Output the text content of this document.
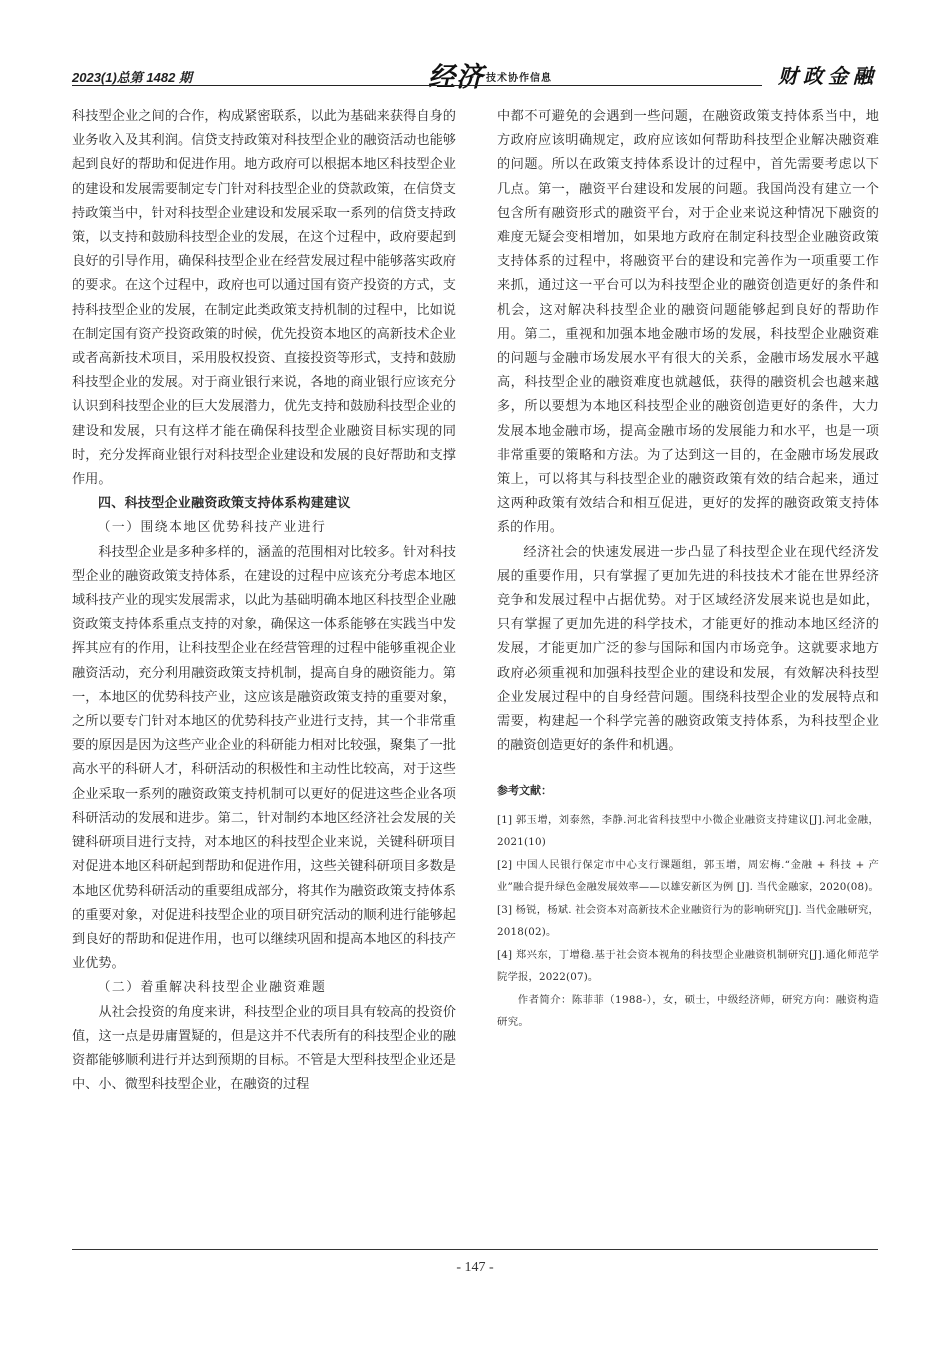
2023(1)总第 1482 期	经济 技术协作信息	财政金融

科技型企业之间的合作，构成紧密联系，以此为基础来获得自身的业务收入及其利润。信贷支持政策对科技型企业的融资活动也能够起到良好的帮助和促进作用。地方政府可以根据本地区科技型企业的建设和发展需要制定专门针对科技型企业的贷款政策，在信贷支持政策当中，针对科技型企业建设和发展采取一系列的信贷支持政策，以支持和鼓励科技型企业的发展，在这个过程中，政府要起到良好的引导作用，确保科技型企业在经营发展过程中能够落实政府的要求。在这个过程中，政府也可以通过国有资产投资的方式，支持科技型企业的发展，在制定此类政策支持机制的过程中，比如说在制定国有资产投资政策的时候，优先投资本地区的高新技术企业或者高新技术项目，采用股权投资、直接投资等形式，支持和鼓励科技型企业的发展。对于商业银行来说，各地的商业银行应该充分认识到科技型企业的巨大发展潜力，优先支持和鼓励科技型企业的建设和发展，只有这样才能在确保科技型企业融资目标实现的同时，充分发挥商业银行对科技型企业建设和发展的良好帮助和支撑作用。

四、科技型企业融资政策支持体系构建建议

（一）围绕本地区优势科技产业进行

科技型企业是多种多样的，涵盖的范围相对比较多。针对科技型企业的融资政策支持体系，在建设的过程中应该充分考虑本地区域科技产业的现实发展需求，以此为基础明确本地区科技型企业融资政策支持体系重点支持的对象，确保这一体系能够在实践当中发挥其应有的作用，让科技型企业在经营管理的过程中能够重视企业融资活动，充分利用融资政策支持机制，提高自身的融资能力。第一，本地区的优势科技产业，这应该是融资政策支持的重要对象，之所以要专门针对本地区的优势科技产业进行支持，其一个非常重要的原因是因为这些产业企业的科研能力相对比较强，聚集了一批高水平的科研人才，科研活动的积极性和主动性比较高，对于这些企业采取一系列的融资政策支持机制可以更好的促进这些企业各项科研活动的发展和进步。第二，针对制约本地区经济社会发展的关键科研项目进行支持，对本地区的科技型企业来说，关键科研项目对促进本地区科研起到帮助和促进作用，这些关键科研项目多数是本地区优势科研活动的重要组成部分，将其作为融资政策支持体系的重要对象，对促进科技型企业的项目研究活动的顺利进行能够起到良好的帮助和促进作用，也可以继续巩固和提高本地区的科技产业优势。

（二）着重解决科技型企业融资难题

从社会投资的角度来讲，科技型企业的项目具有较高的投资价值，这一点是毋庸置疑的，但是这并不代表所有的科技型企业的融资都能够顺利进行并达到预期的目标。不管是大型科技型企业还是中、小、微型科技型企业，在融资的过程

中都不可避免的会遇到一些问题，在融资政策支持体系当中，地方政府应该明确规定，政府应该如何帮助科技型企业解决融资难的问题。所以在政策支持体系设计的过程中，首先需要考虑以下几点。第一，融资平台建设和发展的问题。我国尚没有建立一个包含所有融资形式的融资平台，对于企业来说这种情况下融资的难度无疑会变相增加，如果地方政府在制定科技型企业融资政策支持体系的过程中，将融资平台的建设和完善作为一项重要工作来抓，通过这一平台可以为科技型企业的融资创造更好的条件和机会，这对解决科技型企业的融资问题能够起到良好的帮助作用。第二，重视和加强本地金融市场的发展，科技型企业融资难的问题与金融市场发展水平有很大的关系，金融市场发展水平越高，科技型企业的融资难度也就越低，获得的融资机会也越来越多，所以要想为本地区科技型企业的融资创造更好的条件，大力发展本地金融市场，提高金融市场的发展能力和水平，也是一项非常重要的策略和方法。为了达到这一目的，在金融市场发展政策上，可以将其与科技型企业的融资政策有效的结合起来，通过这两种政策有效结合和相互促进，更好的发挥的融资政策支持体系的作用。

经济社会的快速发展进一步凸显了科技型企业在现代经济发展的重要作用，只有掌握了更加先进的科技技术才能在世界经济竞争和发展过程中占据优势。对于区域经济发展来说也是如此，只有掌握了更加先进的科学技术，才能更好的推动本地区经济的发展，才能更加广泛的参与国际和国内市场竞争。这就要求地方政府必须重视和加强科技型企业的建设和发展，有效解决科技型企业发展过程中的自身经营问题。围绕科技型企业的发展特点和需要，构建起一个科学完善的融资政策支持体系，为科技型企业的融资创造更好的条件和机遇。

参考文献：

[1] 郭玉增，刘泰然，李静.河北省科技型中小微企业融资支持建议[J].河北金融，2021(10)

[2] 中国人民银行保定市中心支行课题组，郭玉增，周宏梅.“金融 + 科技 + 产业”融合提升绿色金融发展效率——以雄安新区为例 [J]. 当代金融家，2020(08)。

[3] 杨锐，杨斌. 社会资本对高新技术企业融资行为的影响研究[J]. 当代金融研究，2018(02)。

[4] 郑兴东，丁增稳.基于社会资本视角的科技型企业融资机制研究[J].通化师范学院学报，2022(07)。

作者简介：陈菲菲（1988-），女，硕士，中级经济师，研究方向：融资构造研究。

- 147 -
